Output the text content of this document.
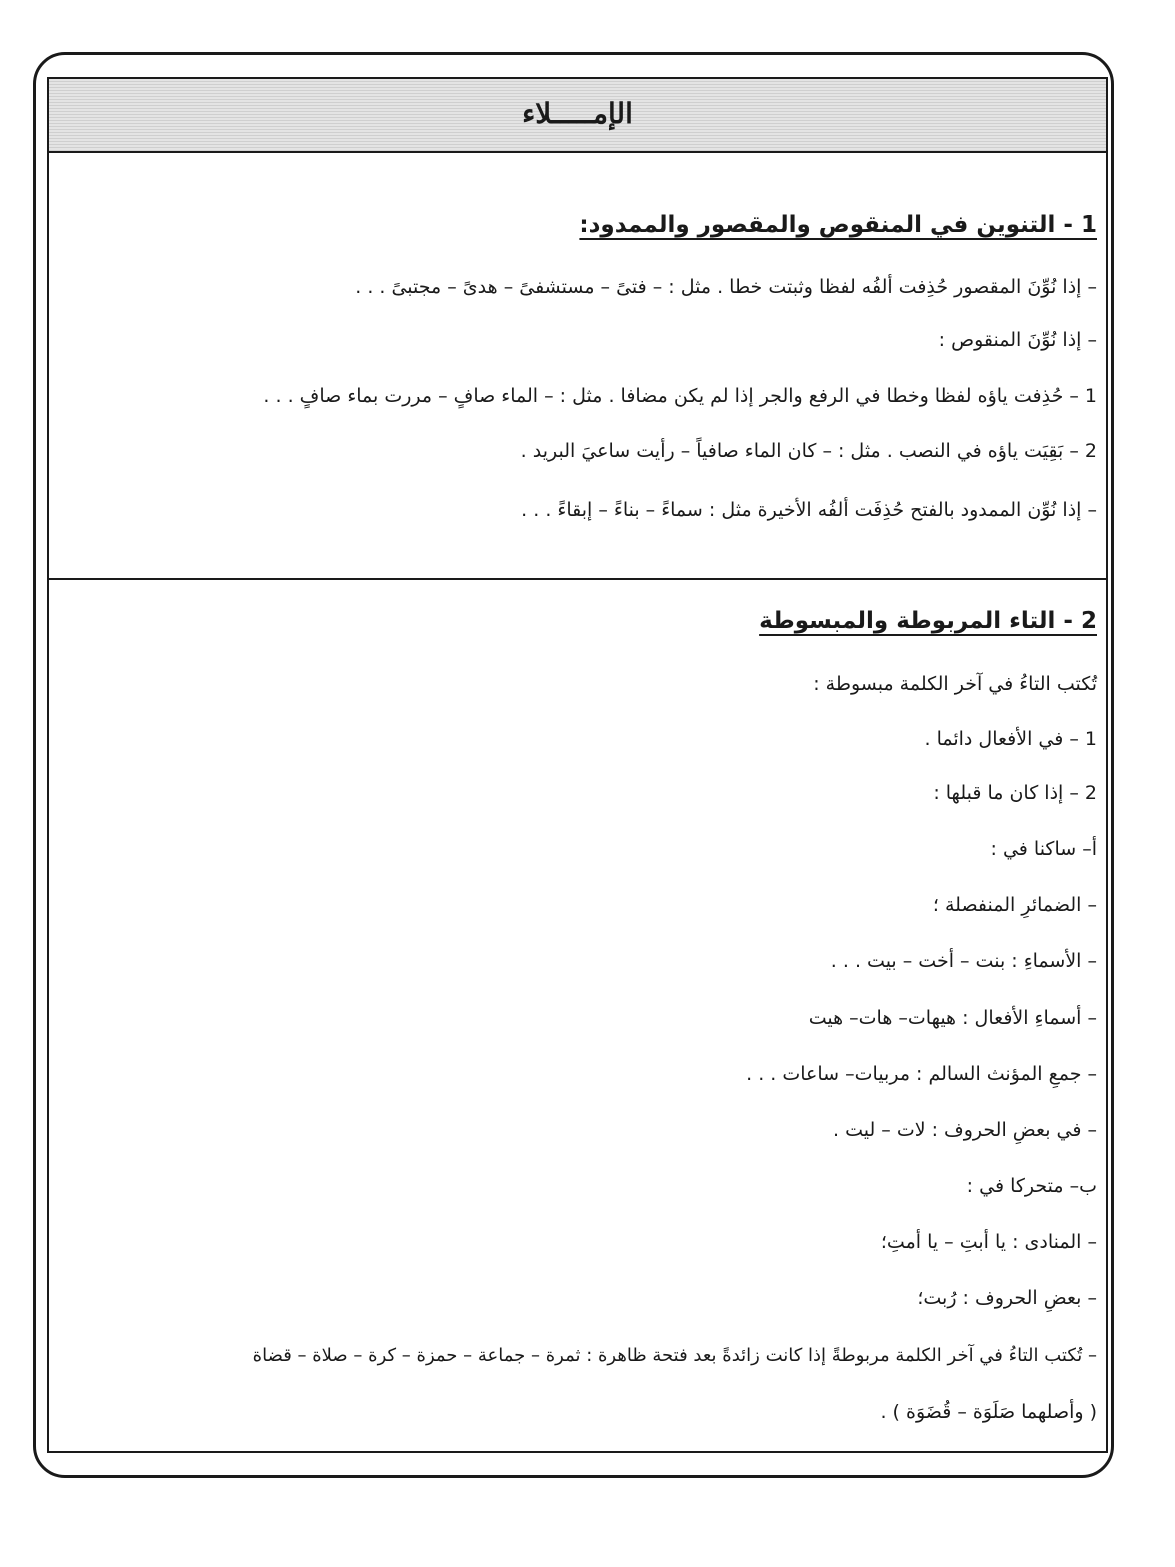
الإمـــــلاء
1 - التنوين في المنقوص والمقصور والممدود:
– إذا نُوِّنَ المقصور حُذِفت ألفُه لفظا وثبتت خطا . مثل : – فتىً – مستشفىً – هدىً – مجتبىً . . .
– إذا نُوِّنَ المنقوص :
1 – حُذِفت ياؤه لفظا وخطا في الرفع والجر إذا لم يكن مضافا . مثل : – الماء صافٍ – مررت بماء صافٍ . . .
2 – بَقِيَت ياؤه في النصب . مثل : – كان الماء صافياً – رأيت ساعيَ البريد .
– إذا نُوِّن الممدود بالفتح حُذِفَت ألفُه الأخيرة مثل : سماءً – بناءً – إبقاءً . . .
2 - التاء المربوطة والمبسوطة
تُكتب التاءُ في آخر الكلمة مبسوطة :
1 – في الأفعال دائما .
2 – إذا كان ما قبلها :
أ– ساكنا في :
– الضمائرِ المنفصلة ؛
– الأسماءِ : بنت – أخت – بيت . . .
– أسماءِ الأفعال : هيهات– هات– هيت
– جمعِ المؤنث السالم : مربيات– ساعات . . .
– في بعضِ الحروف : لات – ليت .
ب– متحركا في :
– المنادى : يا أبتِ – يا أمتِ؛
– بعضِ الحروف : رُبت؛
– تُكتب التاءُ في آخر الكلمة مربوطةً إذا كانت زائدةً بعد فتحة ظاهرة : ثمرة – جماعة – حمزة – كرة – صلاة – قضاة
( وأصلهما صَلَوَة – قُضَوَة ) .
